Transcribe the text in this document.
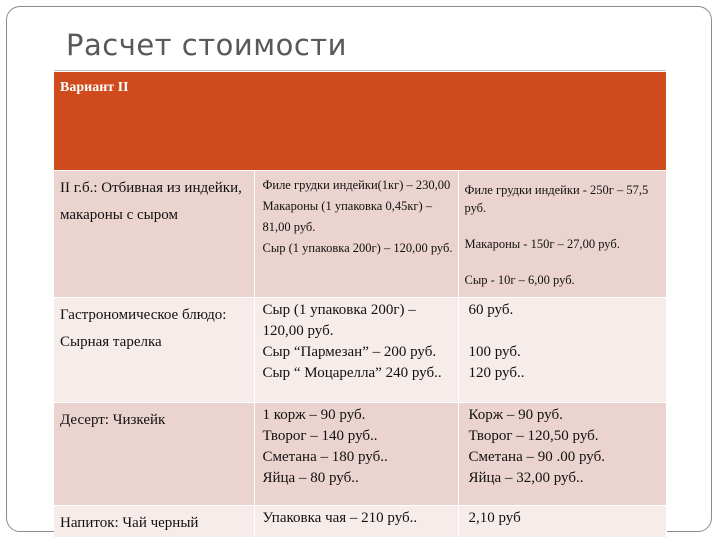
Расчет стоимости
Вариант II		
II г.б.: Отбивная из индейки, макароны с сыром	Филе грудки индейки(1кг) – 230,00
Макароны (1 упаковка 0,45кг) – 81,00 руб.
Сыр (1 упаковка 200г) – 120,00 руб.	Филе грудки индейки - 250г – 57,5 руб.
Макароны - 150г – 27,00 руб.
Сыр - 10г – 6,00 руб.

Гастрономическое блюдо: Сырная тарелка	Сыр (1 упаковка 200г) – 120,00 руб.
Сыр “Пармезан” – 200 руб.
Сыр “ Моцарелла” 240 руб..	60 руб.
100 руб.
120 руб..

Десерт: Чизкейк	1 корж – 90 руб.
Творог – 140 руб..
Сметана – 180 руб..
Яйца – 80 руб..	Корж – 90 руб.
Творог – 120,50 руб.
Сметана – 90 .00 руб.
Яйца – 32,00 руб..

Напиток: Чай черный	Упаковка чая – 210 руб..	2,10 руб
